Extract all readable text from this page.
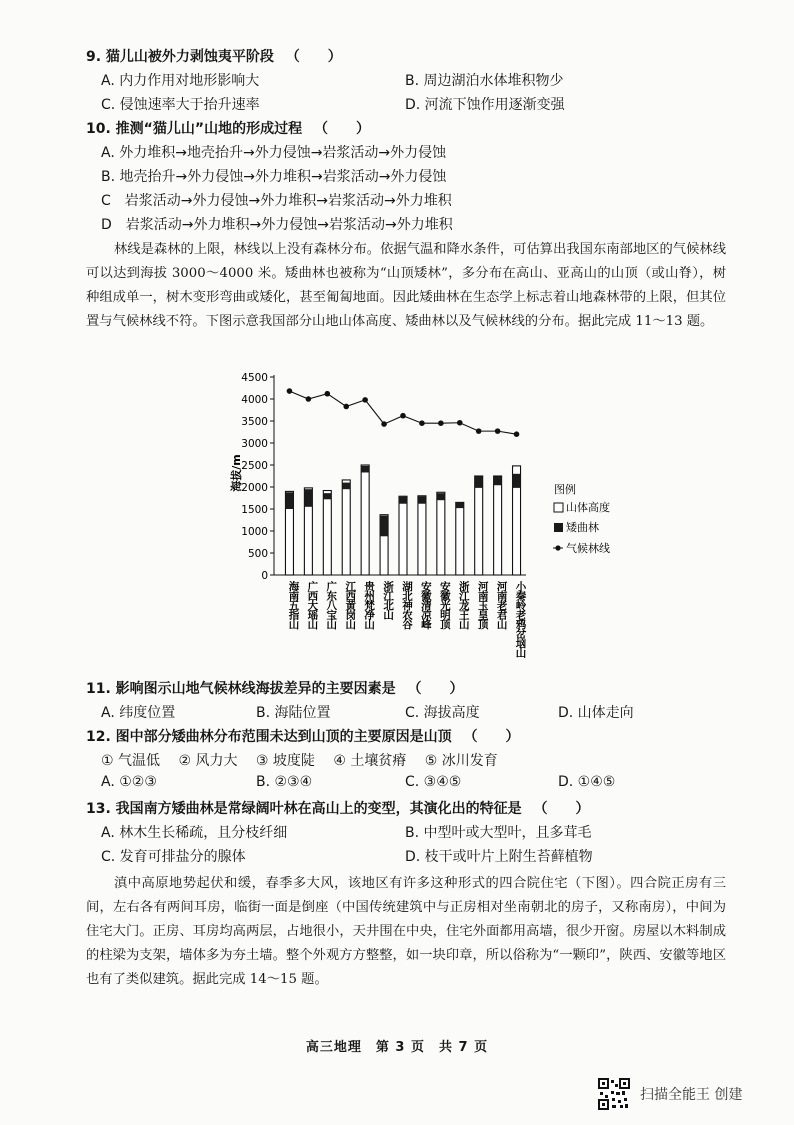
9. 猫儿山被外力剥蚀夷平阶段 　（　　）
A. 内力作用对地形影响大	B. 周边湖泊水体堆积物少
C. 侵蚀速率大于抬升速率	D. 河流下蚀作用逐渐变强
10. 推测“猫儿山”山地的形成过程 　（　　）
A. 外力堆积→地壳抬升→外力侵蚀→岩浆活动→外力侵蚀
B. 地壳抬升→外力侵蚀→外力堆积→岩浆活动→外力侵蚀
C　岩浆活动→外力侵蚀→外力堆积→岩浆活动→外力堆积
D　岩浆活动→外力堆积→外力侵蚀→岩浆活动→外力堆积
林线是森林的上限，林线以上没有森林分布。依据气温和降水条件，可估算出我国东南部地区的气候林线可以达到海拔 3000～4000 米。矮曲林也被称为“山顶矮林”，多分布在高山、亚高山的山顶（或山脊），树种组成单一，树木变形弯曲或矮化，甚至匍匐地面。因此矮曲林在生态学上标志着山地森林带的上限，但其位置与气候林线不符。下图示意我国部分山地山体高度、矮曲林以及气候林线的分布。据此完成 11～13 题。
0
500
1000
1500
2000
2500
3000
3500
4000
4500
海南五指山 广西大瑶山 广东八宝山 江西黄岗山 贵州梵净山 浙江北山 湖北神农谷 安徽清凉峰 安徽光明顶 浙江龙王山 河南玉皇顶 河南老君山 小秦岭老鸦岔垴山
海拔/m	图例
山体高度
矮曲林
气候林线
11. 影响图示山地气候林线海拔差异的主要因素是 　（　　）
A. 纬度位置	B. 海陆位置	C. 海拔高度	D. 山体走向
12. 图中部分矮曲林分布范围未达到山顶的主要原因是山顶 　（　　）
① 气温低　 ② 风力大　 ③ 坡度陡　 ④ 土壤贫瘠　 ⑤ 冰川发育
A. ①②③	B. ②③④	C. ③④⑤	D. ①④⑤
13. 我国南方矮曲林是常绿阔叶林在高山上的变型，其演化出的特征是 　（　　）
A. 林木生长稀疏，且分枝纤细	B. 中型叶或大型叶，且多茸毛
C. 发育可排盐分的腺体	D. 枝干或叶片上附生苔藓植物
滇中高原地势起伏和缓，春季多大风，该地区有许多这种形式的四合院住宅（下图）。四合院正房有三间，左右各有两间耳房，临街一面是倒座（中国传统建筑中与正房相对坐南朝北的房子，又称南房），中间为住宅大门。正房、耳房均高两层，占地很小，天井围在中央，住宅外面都用高墙，很少开窗。房屋以木料制成的柱梁为支架，墙体多为夯土墙。整个外观方方整整，如一块印章，所以俗称为“一颗印”，陕西、安徽等地区也有了类似建筑。据此完成 14～15 题。
高三地理　第 3 页　共 7 页
扫描全能王 创建
